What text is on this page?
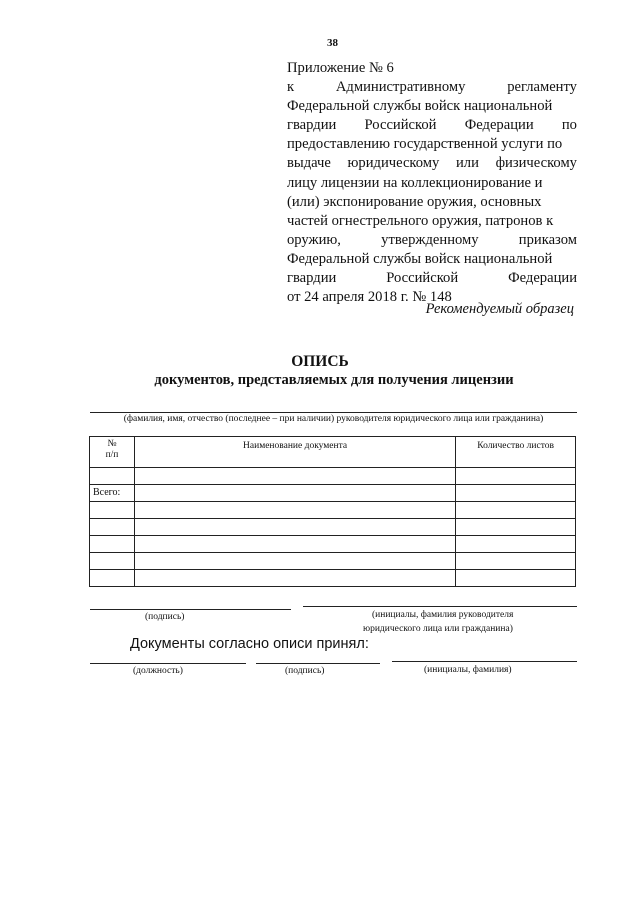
38
Приложение № 6
к	Административному	регламенту
Федеральной службы войск национальной
гвардии Российской Федерации по
предоставлению государственной услуги по
выдаче юридическому или физическому
лицу лицензии на коллекционирование и
(или) экспонирование оружия, основных
частей огнестрельного оружия, патронов к
оружию,	утвержденному	приказом
Федеральной службы войск национальной
гвардии	Российской	Федерации
от 24 апреля 2018 г. № 148
Рекомендуемый образец
ОПИСЬ
документов, представляемых для получения лицензии
(фамилия, имя, отчество (последнее – при наличии) руководителя юридического лица или гражданина)
№
п/п	Наименование документа	Количество листов

Всего:		

(подпись)	(инициалы, фамилия руководителя
юридического лица или гражданина)
Документы согласно описи принял:
(должность)	(подпись)	(инициалы, фамилия)
